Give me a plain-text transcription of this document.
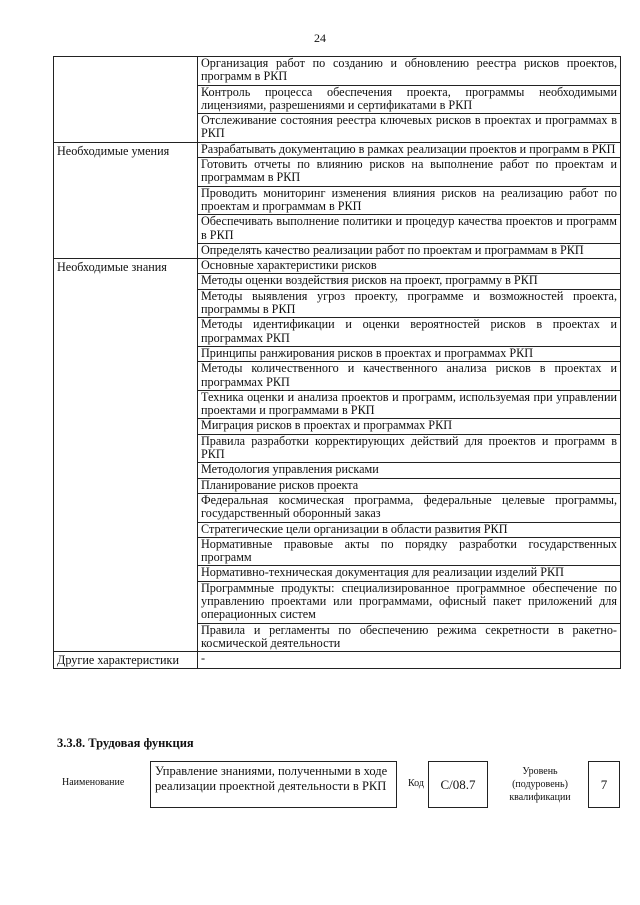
24
	Организация работ по созданию и обновлению реестра рисков проектов, программ в РКП
	Контроль процесса обеспечения проекта, программы необходимыми лицензиями, разрешениями и сертификатами в РКП
	Отслеживание состояния реестра ключевых рисков в проектах и программах в РКП
Необходимые умения	Разрабатывать документацию в рамках реализации проектов и программ в РКП
	Готовить отчеты по влиянию рисков на выполнение работ по проектам и программам в РКП
	Проводить мониторинг изменения влияния рисков на реализацию работ по проектам и программам в РКП
	Обеспечивать выполнение политики и процедур качества проектов и программ в РКП
	Определять качество реализации работ по проектам и программам в РКП
Необходимые знания	Основные характеристики рисков
	Методы оценки воздействия рисков на проект, программу в РКП
	Методы выявления угроз проекту, программе и возможностей проекта, программы в РКП
	Методы идентификации и оценки вероятностей рисков в проектах и программах РКП
	Принципы ранжирования рисков в проектах и программах РКП
	Методы количественного и качественного анализа рисков в проектах и программах РКП
	Техника оценки и анализа проектов и программ, используемая при управлении проектами и программами в РКП
	Миграция рисков в проектах и программах РКП
	Правила разработки корректирующих действий для проектов и программ в РКП
	Методология управления рисками
	Планирование рисков проекта
	Федеральная космическая программа, федеральные целевые программы, государственный оборонный заказ
	Стратегические цели организации в области развития РКП
	Нормативные правовые акты по порядку разработки государственных программ
	Нормативно-техническая документация для реализации изделий РКП
	Программные продукты: специализированное программное обеспечение по управлению проектами или программами, офисный пакет приложений для операционных систем
	Правила и регламенты по обеспечению режима секретности в ракетно-космической деятельности
Другие характеристики	-
3.3.8. Трудовая функция
Наименование
Управление знаниями, полученными в ходе реализации проектной деятельности в РКП	Код	С/08.7
Уровень (подуровень) квалификации
7
